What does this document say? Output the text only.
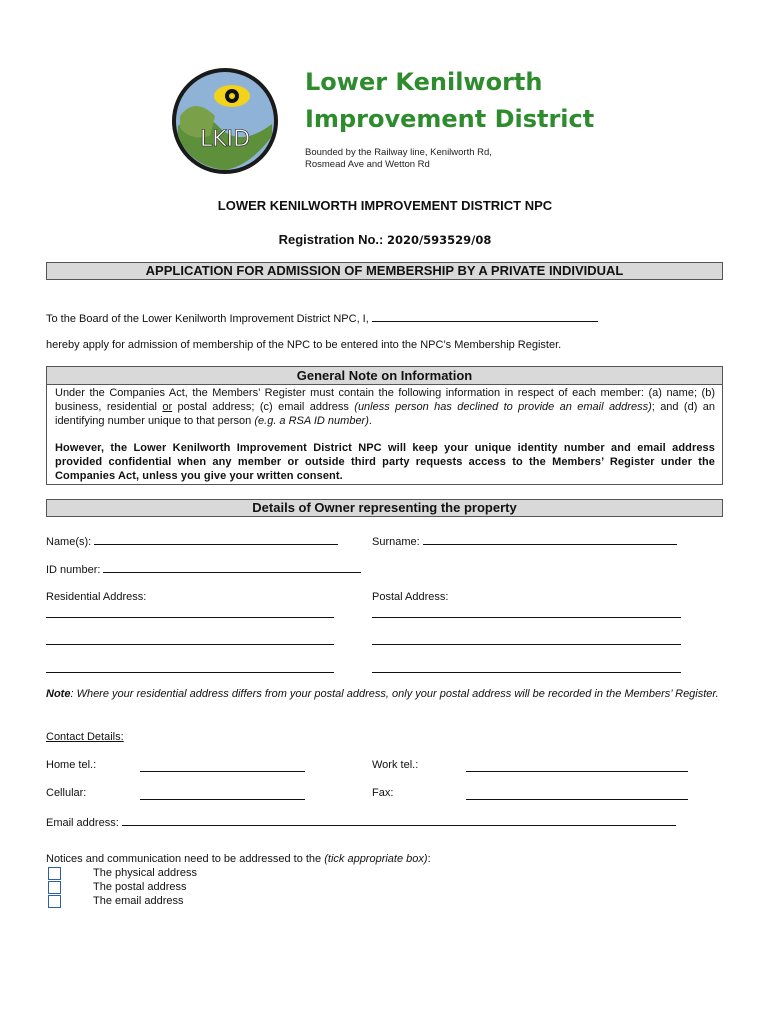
LKID
Lower Kenilworth
Improvement District
Bounded by the Railway line, Kenilworth Rd,
Rosmead Ave and Wetton Rd
LOWER KENILWORTH IMPROVEMENT DISTRICT NPC
Registration No.: 2020/593529/08
APPLICATION FOR ADMISSION OF MEMBERSHIP BY A PRIVATE INDIVIDUAL
To the Board of the Lower Kenilworth Improvement District NPC, I,
hereby apply for admission of membership of the NPC to be entered into the NPC’s Membership Register.
General Note on Information
Under the Companies Act, the Members’ Register must contain the following information in respect of each member: (a) name; (b) business, residential or postal address; (c) email address (unless person has declined to provide an email address); and (d) an identifying number unique to that person (e.g. a RSA ID number).
However, the Lower Kenilworth Improvement District NPC will keep your unique identity number and email address provided confidential when any member or outside third party requests access to the Members’ Register under the Companies Act, unless you give your written consent.
Details of Owner representing the property
Name(s):	Surname:
ID number:
Residential Address:	Postal Address:
Note: Where your residential address differs from your postal address, only your postal address will be recorded in the Members’ Register.
Contact Details:
Home tel.:	Work tel.:
Cellular:	Fax:
Email address:
Notices and communication need to be addressed to the (tick appropriate box):
The physical address
The postal address
The email address
